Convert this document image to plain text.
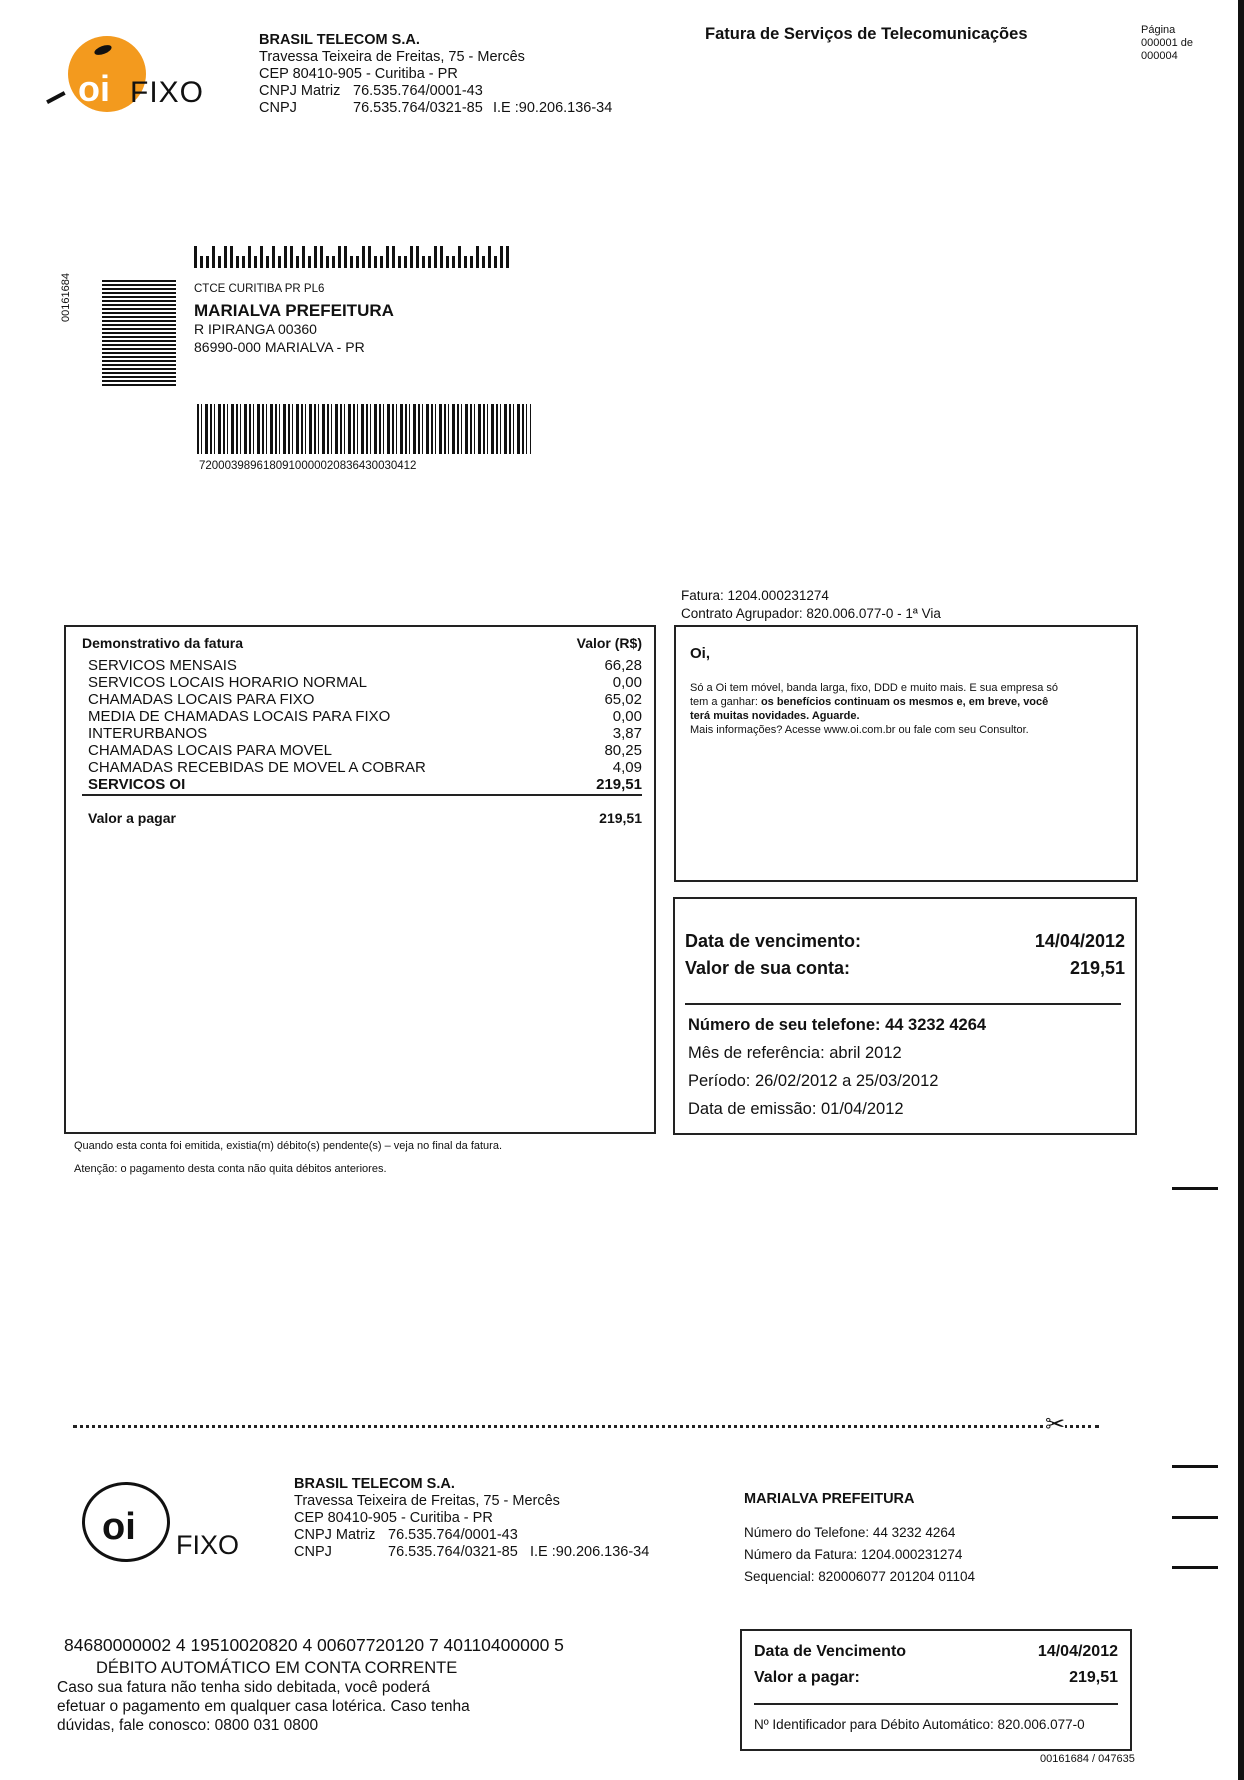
oi FIXO
BRASIL TELECOM S.A.
Travessa Teixeira de Freitas, 75 - Mercês
CEP 80410-905 - Curitiba - PR
CNPJ Matriz 76.535.764/0001-43
CNPJ	76.535.764/0321-85 I.E :90.206.136-34
Fatura de Serviços de Telecomunicações	Página
000001 de
000004
00161684	CTCE CURITIBA PR PL6
MARIALVA PREFEITURA
R IPIRANGA 00360
86990-000 MARIALVA - PR
7200039896180910000020836430030412
Fatura: 1204.000231274
Contrato Agrupador: 820.006.077-0 - 1ª Via
Demonstrativo da fatura	Valor (R$)
SERVICOS MENSAIS	66,28
SERVICOS LOCAIS HORARIO NORMAL	0,00
CHAMADAS LOCAIS PARA FIXO	65,02
MEDIA DE CHAMADAS LOCAIS PARA FIXO	0,00
INTERURBANOS	3,87
CHAMADAS LOCAIS PARA MOVEL	80,25
CHAMADAS RECEBIDAS DE MOVEL A COBRAR	4,09
SERVICOS OI	219,51
Valor a pagar	219,51
Quando esta conta foi emitida, existia(m) débito(s) pendente(s) – veja no final da fatura.
Atenção: o pagamento desta conta não quita débitos anteriores.
Oi,
Só a Oi tem móvel, banda larga, fixo, DDD e muito mais. E sua empresa só
tem a ganhar: os benefícios continuam os mesmos e, em breve, você
terá muitas novidades. Aguarde.
Mais informações? Acesse www.oi.com.br ou fale com seu Consultor.
Data de vencimento:	14/04/2012
Valor de sua conta:	219,51
Número de seu telefone: 44 3232 4264
Mês de referência: abril 2012
Período: 26/02/2012 a 25/03/2012
Data de emissão: 01/04/2012
✂
oi FIXO
BRASIL TELECOM S.A.
Travessa Teixeira de Freitas, 75 - Mercês
CEP 80410-905 - Curitiba - PR
CNPJ Matriz 76.535.764/0001-43
CNPJ	76.535.764/0321-85 I.E :90.206.136-34
MARIALVA PREFEITURA
Número do Telefone: 44 3232 4264
Número da Fatura: 1204.000231274
Sequencial: 820006077 201204 01104
84680000002 4 19510020820 4 00607720120 7 40110400000 5
DÉBITO AUTOMÁTICO EM CONTA CORRENTE
Caso sua fatura não tenha sido debitada, você poderá
efetuar o pagamento em qualquer casa lotérica. Caso tenha
dúvidas, fale conosco: 0800 031 0800
Data de Vencimento	14/04/2012
Valor a pagar:	219,51
Nº Identificador para Débito Automático: 820.006.077-0
00161684 / 047635
